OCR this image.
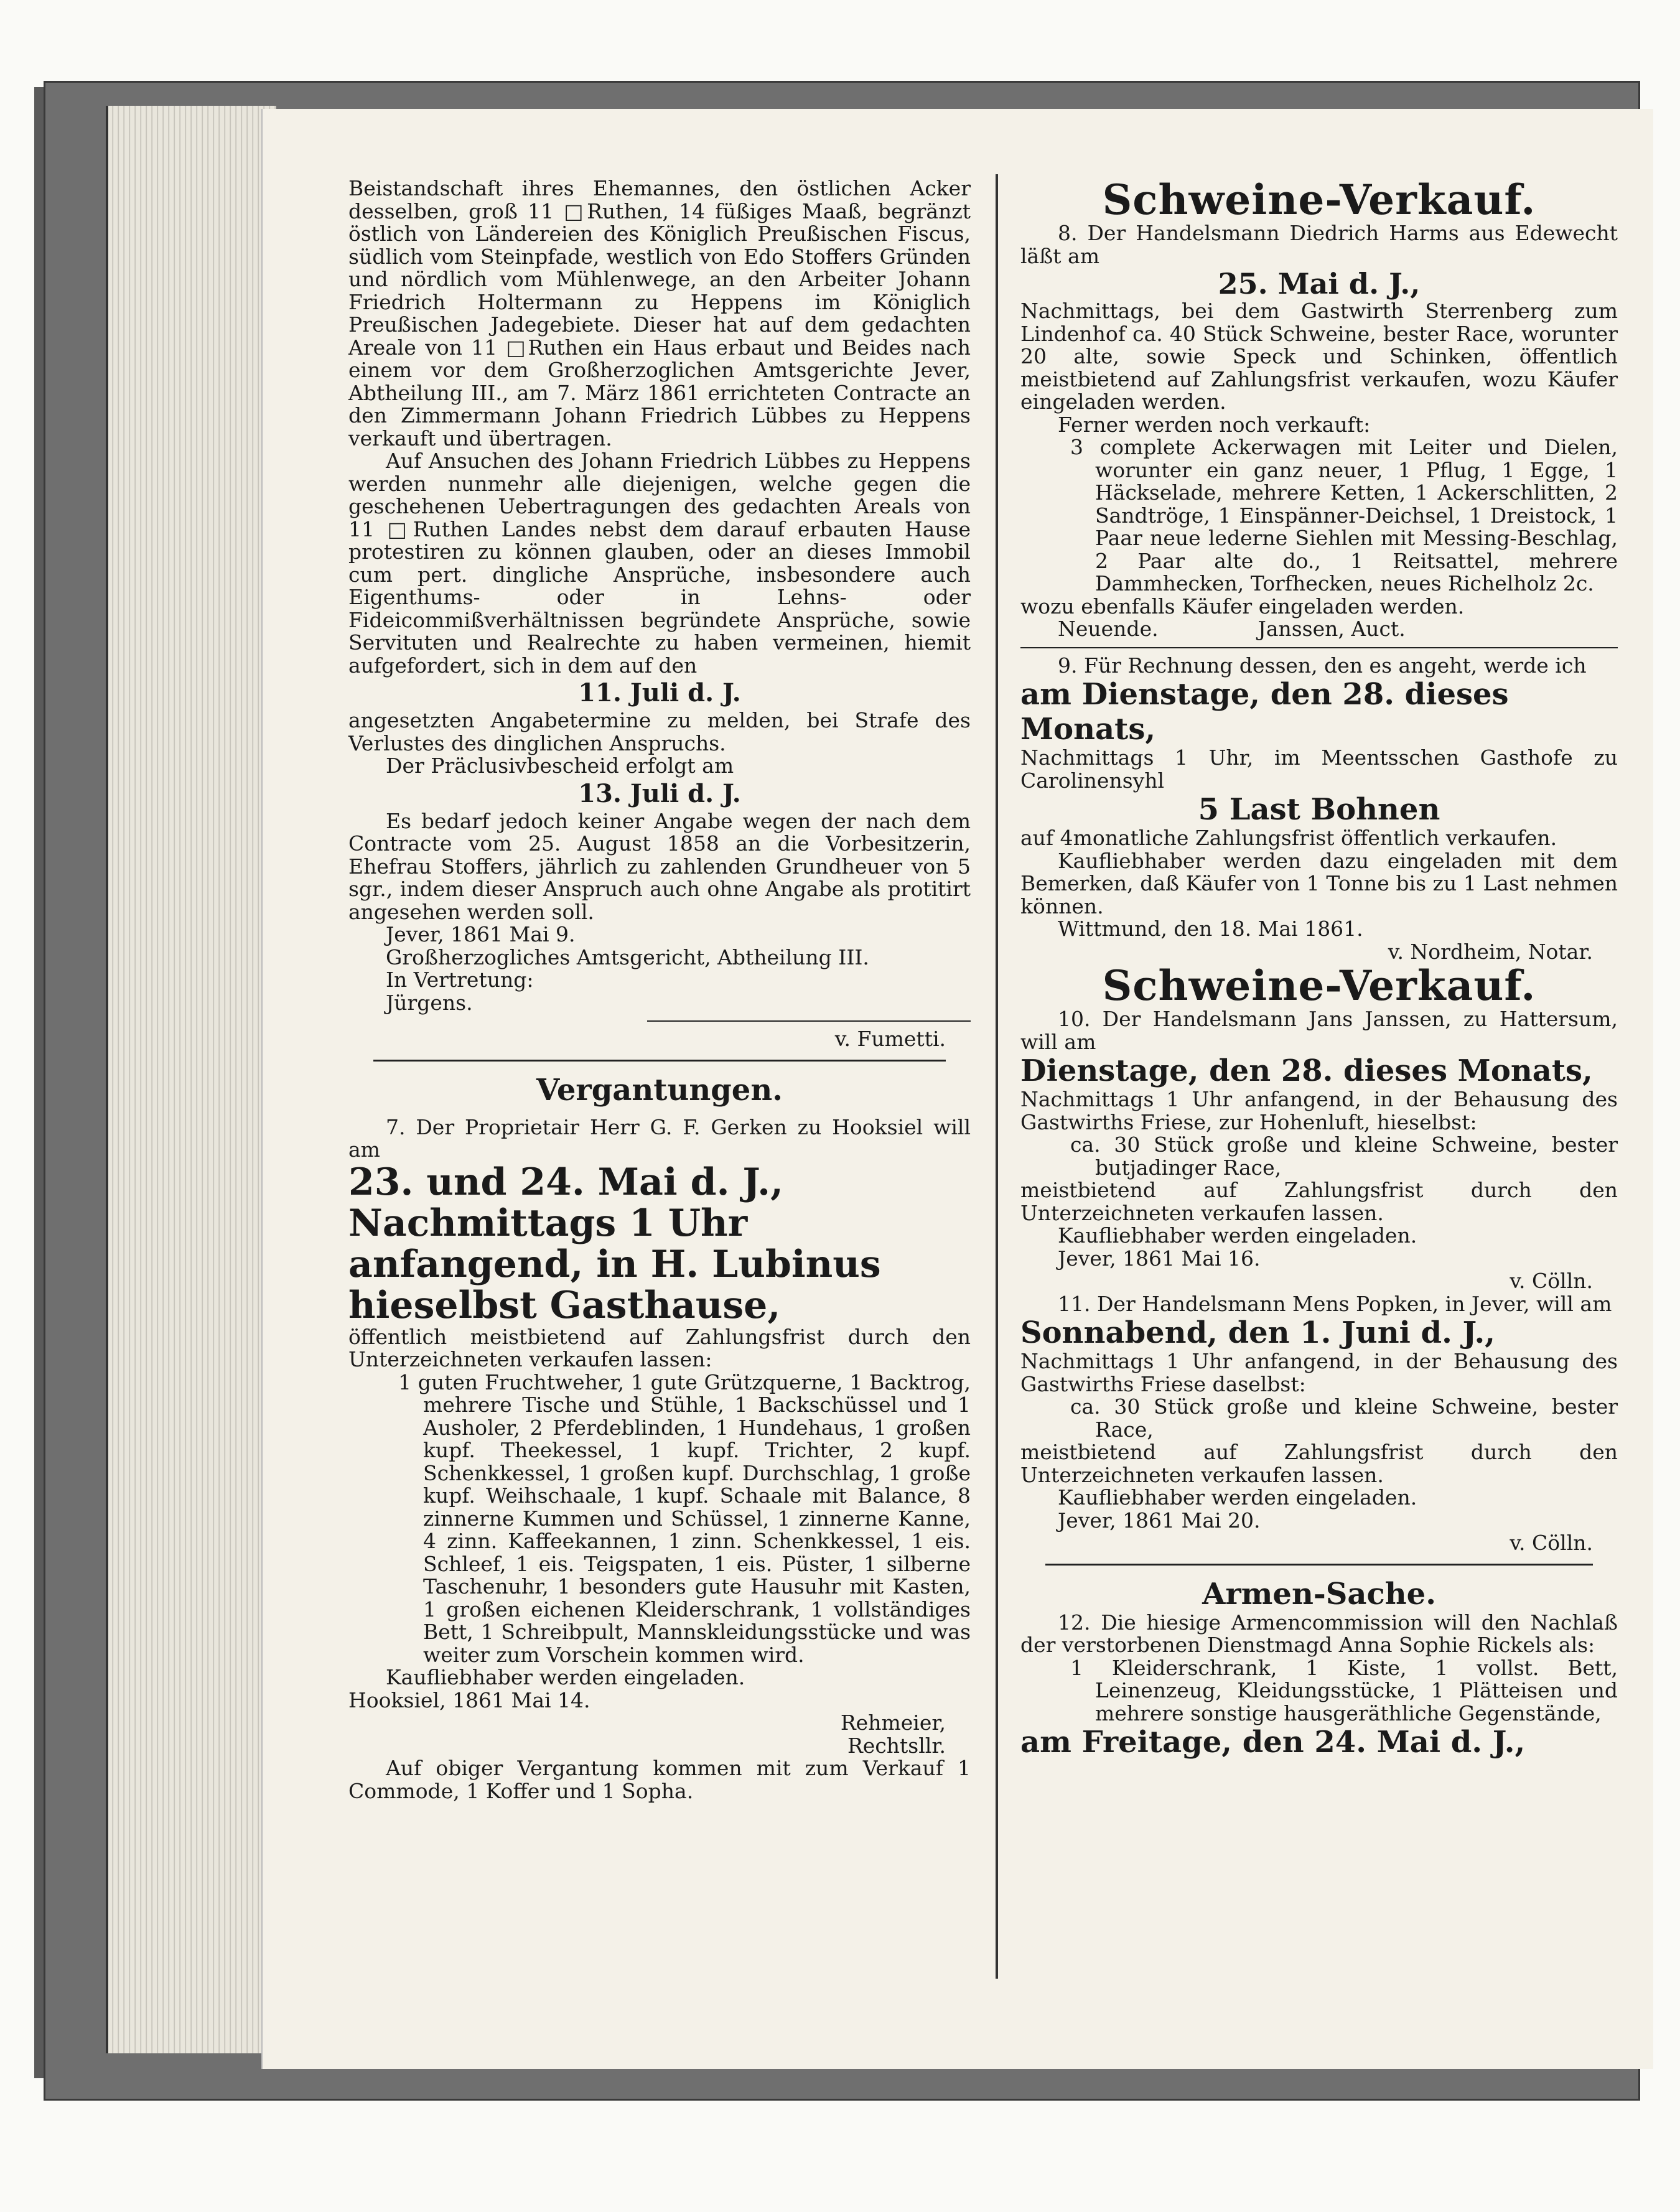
Beistandschaft ihres Ehemannes, den östlichen Acker desselben, groß 11 □Ruthen, 14 füßiges Maaß, begränzt östlich von Ländereien des Königlich Preußischen Fiscus, südlich vom Steinpfade, westlich von Edo Stoffers Gründen und nördlich vom Mühlenwege, an den Arbeiter Johann Friedrich Holtermann zu Heppens im Königlich Preußischen Jadegebiete. Dieser hat auf dem gedachten Areale von 11 □Ruthen ein Haus erbaut und Beides nach einem vor dem Großherzoglichen Amtsgerichte Jever, Abtheilung III., am 7. März 1861 errichteten Contracte an den Zimmermann Johann Friedrich Lübbes zu Heppens verkauft und übertragen.

Auf Ansuchen des Johann Friedrich Lübbes zu Heppens werden nunmehr alle diejenigen, welche gegen die geschehenen Uebertragungen des gedachten Areals von 11 □Ruthen Landes nebst dem darauf erbauten Hause protestiren zu können glauben, oder an dieses Immobil cum pert. dingliche Ansprüche, insbesondere auch Eigenthums- oder in Lehns- oder Fideicommißverhältnissen begründete Ansprüche, sowie Servituten und Realrechte zu haben vermeinen, hiemit aufgefordert, sich in dem auf den

11. Juli d. J.

angesetzten Angabetermine zu melden, bei Strafe des Verlustes des dinglichen Anspruchs.

Der Präclusivbescheid erfolgt am

13. Juli d. J.

Es bedarf jedoch keiner Angabe wegen der nach dem Contracte vom 25. August 1858 an die Vorbesitzerin, Ehefrau Stoffers, jährlich zu zahlenden Grundheuer von 5 sgr., indem dieser Anspruch auch ohne Angabe als protitirt angesehen werden soll.

Jever, 1861 Mai 9.

Großherzogliches Amtsgericht, Abtheilung III.

In Vertretung:

Jürgens.

v. Fumetti.

Vergantungen.

7. Der Proprietair Herr G. F. Gerken zu Hooksiel will am

23. und 24. Mai d. J., Nachmittags 1 Uhr anfangend, in H. Lubinus hieselbst Gasthause,

öffentlich meistbietend auf Zahlungsfrist durch den Unterzeichneten verkaufen lassen:

1 guten Fruchtweher, 1 gute Grützquerne, 1 Backtrog, mehrere Tische und Stühle, 1 Backschüssel und 1 Ausholer, 2 Pferdeblinden, 1 Hundehaus, 1 großen kupf. Theekessel, 1 kupf. Trichter, 2 kupf. Schenkkessel, 1 großen kupf. Durchschlag, 1 große kupf. Weihschaale, 1 kupf. Schaale mit Balance, 8 zinnerne Kummen und Schüssel, 1 zinnerne Kanne, 4 zinn. Kaffeekannen, 1 zinn. Schenkkessel, 1 eis. Schleef, 1 eis. Teigspaten, 1 eis. Püster, 1 silberne Taschenuhr, 1 besonders gute Hausuhr mit Kasten, 1 großen eichenen Kleiderschrank, 1 vollständiges Bett, 1 Schreibpult, Mannskleidungsstücke und was weiter zum Vorschein kommen wird.

Kaufliebhaber werden eingeladen.

Hooksiel, 1861 Mai 14.

Rehmeier,

Rechtsllr.

Auf obiger Vergantung kommen mit zum Verkauf 1 Commode, 1 Koffer und 1 Sopha.

Schweine-Verkauf.

8. Der Handelsmann Diedrich Harms aus Edewecht läßt am

25. Mai d. J.,

Nachmittags, bei dem Gastwirth Sterrenberg zum Lindenhof ca. 40 Stück Schweine, bester Race, worunter 20 alte, sowie Speck und Schinken, öffentlich meistbietend auf Zahlungsfrist verkaufen, wozu Käufer eingeladen werden.

Ferner werden noch verkauft:

3 complete Ackerwagen mit Leiter und Dielen, worunter ein ganz neuer, 1 Pflug, 1 Egge, 1 Häckselade, mehrere Ketten, 1 Ackerschlitten, 2 Sandtröge, 1 Einspänner-Deichsel, 1 Dreistock, 1 Paar neue lederne Siehlen mit Messing-Beschlag, 2 Paar alte do., 1 Reitsattel, mehrere Dammhecken, Torfhecken, neues Richelholz 2c.

wozu ebenfalls Käufer eingeladen werden.

Neuende.	Janssen, Auct.

9. Für Rechnung dessen, den es angeht, werde ich

am Dienstage, den 28. dieses Monats,

Nachmittags 1 Uhr, im Meentsschen Gasthofe zu Carolinensyhl

5 Last Bohnen

auf 4monatliche Zahlungsfrist öffentlich verkaufen.

Kaufliebhaber werden dazu eingeladen mit dem Bemerken, daß Käufer von 1 Tonne bis zu 1 Last nehmen können.

Wittmund, den 18. Mai 1861.

v. Nordheim, Notar.

Schweine-Verkauf.

10. Der Handelsmann Jans Janssen, zu Hattersum, will am

Dienstage, den 28. dieses Monats,

Nachmittags 1 Uhr anfangend, in der Behausung des Gastwirths Friese, zur Hohenluft, hieselbst:

ca. 30 Stück große und kleine Schweine, bester butjadinger Race,

meistbietend auf Zahlungsfrist durch den Unterzeichneten verkaufen lassen.

Kaufliebhaber werden eingeladen.

Jever, 1861 Mai 16.

v. Cölln.

11. Der Handelsmann Mens Popken, in Jever, will am

Sonnabend, den 1. Juni d. J.,

Nachmittags 1 Uhr anfangend, in der Behausung des Gastwirths Friese daselbst:

ca. 30 Stück große und kleine Schweine, bester Race,

meistbietend auf Zahlungsfrist durch den Unterzeichneten verkaufen lassen.

Kaufliebhaber werden eingeladen.

Jever, 1861 Mai 20.

v. Cölln.

Armen-Sache.

12. Die hiesige Armencommission will den Nachlaß der verstorbenen Dienstmagd Anna Sophie Rickels als:

1 Kleiderschrank, 1 Kiste, 1 vollst. Bett, Leinenzeug, Kleidungsstücke, 1 Plätteisen und mehrere sonstige hausgeräthliche Gegenstände,

am Freitage, den 24. Mai d. J.,
